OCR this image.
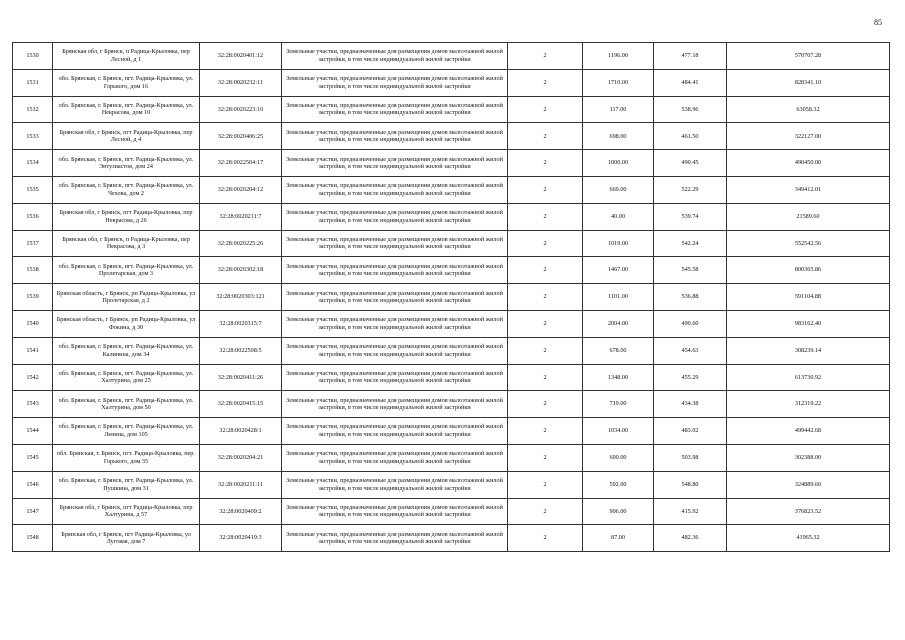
85
1530	Брянская обл, г Брянск, п Радица-Крыловка, пер Лесной, д 1	32:28:0020401:12	Земельные участки, предназначенные для размещения домов малоэтажной жилой застройки, в том числе индивидуальной жилой застройки	2	1196.00	477.18	570707.28
1531	обл. Брянская, г. Брянск, пгт. Радица-Крыловка, ул. Горького, дом 16	32:28:0020232:11	Земельные участки, предназначенные для размещения домов малоэтажной жилой застройки, в том числе индивидуальной жилой застройки	2	1710.00	484.41	828341.10
1532	обл. Брянская, г. Брянск, пгт. Радица-Крыловка, ул. Некрасова, дом 10	32:28:0020223:10	Земельные участки, предназначенные для размещения домов малоэтажной жилой застройки, в том числе индивидуальной жилой застройки	2	117.00	538.96	63058.32
1533	Брянская обл, г Брянск, пгт Радица-Крыловка, пер Лесной, д 4	32:28:0020406:25	Земельные участки, предназначенные для размещения домов малоэтажной жилой застройки, в том числе индивидуальной жилой застройки	2	698.00	461.50	322127.00
1534	обл. Брянская, г. Брянск, пгт. Радица-Крыловка, ул. Энтузиастов, дом 24	32:28:0022504:17	Земельные участки, предназначенные для размещения домов малоэтажной жилой застройки, в том числе индивидуальной жилой застройки	2	1000.00	490.45	490450.00
1535	обл. Брянская, г. Брянск, пгт. Радица-Крыловка, ул. Чехова, дом 2	32:28:0020204:12	Земельные участки, предназначенные для размещения домов малоэтажной жилой застройки, в том числе индивидуальной жилой застройки	2	669.00	522.29	349412.01
1536	Брянская обл, г Брянск, пгт Радица-Крыловка, пер Некрасова, д 26	32:28:0020211:7	Земельные участки, предназначенные для размещения домов малоэтажной жилой застройки, в том числе индивидуальной жилой застройки	2	40.00	539.74	21589.60
1537	Брянская обл, г Брянск, п Радица-Крыловка, пер Некрасова, д 3	32:28:0020225:26	Земельные участки, предназначенные для размещения домов малоэтажной жилой застройки, в том числе индивидуальной жилой застройки	2	1019.00	542.24	552542.56
1538	обл. Брянская, г. Брянск, пгт. Радица-Крыловка, ул. Пролетарская, дом 3	32:28:0020302:18	Земельные участки, предназначенные для размещения домов малоэтажной жилой застройки, в том числе индивидуальной жилой застройки	2	1467.00	545.58	800365.86
1539	Брянская область, г Брянск, рп Радица-Крыловка, ул Пролетарская, д 2	32:28:0020303:121	Земельные участки, предназначенные для размещения домов малоэтажной жилой застройки, в том числе индивидуальной жилой застройки	2	1101.00	536.88	591104.88
1540	Брянская область, г Брянск, рп Радица-Крыловка, ул Фокина, д 30	32:28:0020315:7	Земельные участки, предназначенные для размещения домов малоэтажной жилой застройки, в том числе индивидуальной жилой застройки	2	2004.00	490.60	983162.40
1541	обл. Брянская, г. Брянск, пгт. Радица-Крыловка, ул. Калинина, дом 34	32:28:0022508:5	Земельные участки, предназначенные для размещения домов малоэтажной жилой застройки, в том числе индивидуальной жилой застройки	2	678.00	454.63	308239.14
1542	обл. Брянская, г. Брянск, пгт. Радица-Крыловка, ул. Халтурина, дом 25	32:28:0020411:26	Земельные участки, предназначенные для размещения домов малоэтажной жилой застройки, в том числе индивидуальной жилой застройки	2	1348.00	455.29	613730.92
1543	обл. Брянская, г. Брянск, пгт. Радица-Крыловка, ул. Халтурина, дом 50	32:28:0020415:15	Земельные участки, предназначенные для размещения домов малоэтажной жилой застройки, в том числе индивидуальной жилой застройки	2	719.00	434.38	312319.22
1544	обл. Брянская, г. Брянск, пгт. Радица-Крыловка, ул. Ленина, дом 105	32:28:0020428:1	Земельные участки, предназначенные для размещения домов малоэтажной жилой застройки, в том числе индивидуальной жилой застройки	2	1034.00	483.02	499442.68
1545	обл. Брянская, г. Брянск, пгт. Радица-Крыловка, пер. Горького, дом 35	32:28:0020204:21	Земельные участки, предназначенные для размещения домов малоэтажной жилой застройки, в том числе индивидуальной жилой застройки	2	600.00	503.98	302388.00
1546	обл. Брянская, г. Брянск, пгт. Радица-Крыловка, ул. Пушкина, дом 31	32:28:0020211:11	Земельные участки, предназначенные для размещения домов малоэтажной жилой застройки, в том числе индивидуальной жилой застройки	2	592.00	548.80	324889.60
1547	Брянская обл, г Брянск, пгт Радица-Крыловка, пер Халтурина, д 57	32:28:0020409:2	Земельные участки, предназначенные для размещения домов малоэтажной жилой застройки, в том числе индивидуальной жилой застройки	2	906.00	415.92	376823.52
1548	Брянская обл, г Брянск, пгт Радица-Крыловка, ул Луговая, дом 7	32:28:0020419:3	Земельные участки, предназначенные для размещения домов малоэтажной жилой застройки, в том числе индивидуальной жилой застройки	2	87.00	482.36	41965.32
